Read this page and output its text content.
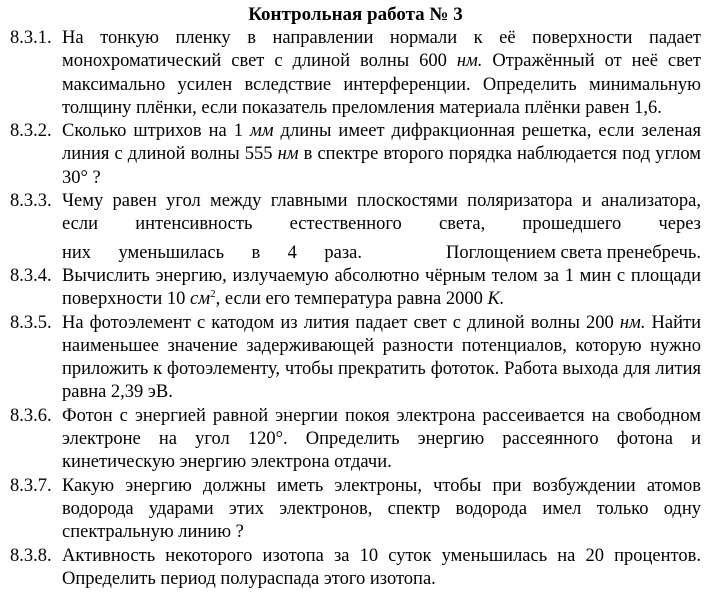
Контрольная работа № 3
8.3.1. На тонкую пленку в направлении нормали к её поверхности падает монохроматический свет с длиной волны 600 нм. Отражённый от неё свет максимально усилен вследствие интерференции. Определить минимальную толщину плёнки, если показатель преломления материала плёнки равен 1,6.
8.3.2. Сколько штрихов на 1 мм длины имеет дифракционная решетка, если зеленая линия с длиной волны 555 нм в спектре второго порядка наблюдается под углом 30° ?
8.3.3. Чему равен угол между главными плоскостями поляризатора и анализатора, если интенсивность естественного света, прошедшего через
них уменьшилась в 4 раза.	Поглощением света пренебречь.
8.3.4. Вычислить энергию, излучаемую абсолютно чёрным телом за 1 мин с площади поверхности 10 $см^2$, если его температура равна 2000 К.
8.3.5. На фотоэлемент с катодом из лития падает свет с длиной волны 200 нм. Найти наименьшее значение задерживающей разности потенциалов, которую нужно приложить к фотоэлементу, чтобы прекратить фототок. Работа выхода для лития равна 2,39 эВ.
8.3.6. Фотон с энергией равной энергии покоя электрона рассеивается на свободном электроне на угол 120°. Определить энергию рассеянного фотона и кинетическую энергию электрона отдачи.
8.3.7. Какую энергию должны иметь электроны, чтобы при возбуждении атомов водорода ударами этих электронов, спектр водорода имел только одну спектральную линию ?
8.3.8. Активность некоторого изотопа за 10 суток уменьшилась на 20 процентов. Определить период полураспада этого изотопа.
